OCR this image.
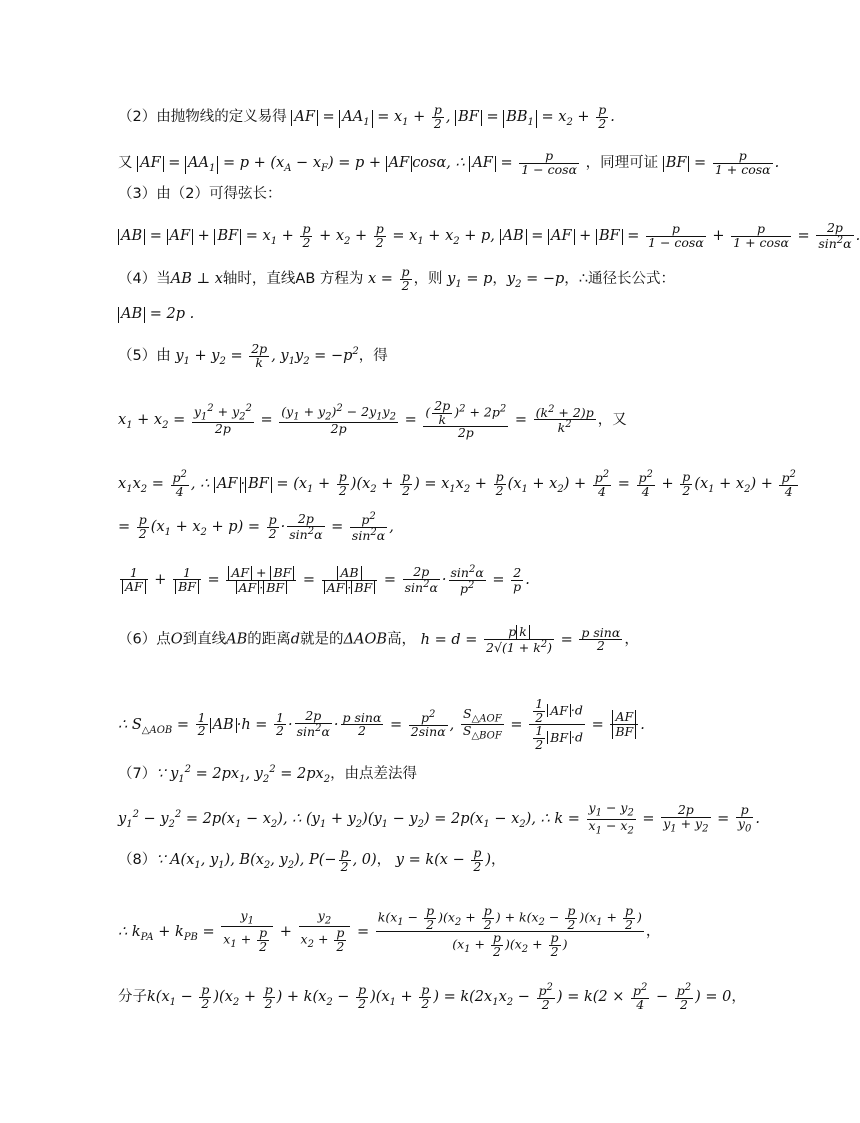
（2）由抛物线的定义易得 AF = $AA_1 = x_1 + \frac{p}{2}$ , BF = $BB_1 = x_2 + \frac{p}{2}$ .
又 AF = $AA_1 = p + (x_A - x_F) = p$ + AF cosα, ∴ AF = $\frac{p}{1 - \cos\alpha}$ ，同理可证 BF = $\frac{p}{1 + \cos\alpha}$ .
（3）由（2）可得弦长：
AB = AF + BF = $x_1 + \frac{p}{2} + x_2 + \frac{p}{2} = x_1 + x_2 + p$, AB = AF + BF = $\frac{p}{1 - \cos\alpha} + \frac{p}{1 + \cos\alpha} = \frac{2p}{\sin^2\alpha}$ .
（4）当AB ⊥ x轴时，直线AB 方程为 $x = \frac{p}{2}$ ，则 $y_1 = p$，$y_2 = -p$，∴通径长公式：
AB = 2p .
（5）由 $y_1 + y_2 = \frac{2p}{k}$ , $y_1y_2 = -p^2$，得
$x_1 + x_2 = \frac{y_1^2 + y_2^2}{2p} = \frac{(y_1 + y_2)^2 - 2y_1y_2}{2p} = \frac{( \frac{2p}{k} )^2 + 2p^2}{2p} = \frac{(k^2 + 2)p}{k^2}$ ，又
$x_1x_2 = \frac{p^2}{4}$ , ∴ AF · BF = $(x_1 + \frac{p}{2} )(x_2 + \frac{p}{2}$ ) = $x_1x_2 + \frac{p}{2} (x_1 + x_2) + \frac{p^2}{4} = \frac{p^2}{4} + \frac{p}{2} (x_1 + x_2) + \frac{p^2}{4}$
= $\frac{p}{2} (x_1 + x_2 + p) = \frac{p}{2} \cdot \frac{2p}{\sin^2\alpha} = \frac{p^2}{\sin^2\alpha}$ ,
$\frac{1}{AF} + \frac{1}{BF} = \frac{AF + BF}{AF \cdot BF} = \frac{AB}{AF \cdot BF} = \frac{2p}{\sin^2\alpha} \cdot \frac{\sin^2\alpha}{p^2} = \frac{2}{p}$ .
（6）点O到直线AB的距离d就是的ΔAOB高， $h = d = \frac{\text{p k}}{2√(1 + k^2)} = \frac{\text{p sinα}}{2}$ ，
∴ $S_{\triangle AOB} = \frac{1}{2}$ AB $\cdot h = \frac{1}{2} \cdot \frac{2p}{\sin^2\alpha} \cdot \frac{\text{p sinα}}{2} = \frac{p^2}{2\sin\alpha}$ , $\frac{S_{\triangle AOF}}{S_{\triangle BOF}} = \frac{\frac{1}{2} AF \cdot d}{\frac{1}{2} BF \cdot d} = \frac{AF}{BF}$ .
（7）∵ $y_1^2 = 2px_1$, $y_2^2 = 2px_2$，由点差法得
$y_1^2 - y_2^2 = 2p(x_1 - x_2)$, ∴ $(y_1 + y_2)(y_1 - y_2) = 2p(x_1 - x_2)$, ∴ $k = \frac{y_1 - y_2}{x_1 - x_2} = \frac{2p}{y_1 + y_2} = \frac{p}{y_0}$ .
（8）∵ $A(x_1$, $y_1$), $B(x_2$, $y_2$), $P(- \frac{p}{2}$ , 0)， $y = k(x - \frac{p}{2}$ )，
∴ $k_{PA} + k_{PB} = \frac{y_1}{x_1 + \frac{p}{2}} + \frac{y_2}{x_2 + \frac{p}{2}} = \frac{k(x_1 - \frac{p}{2} )(x_2 + \frac{p}{2} ) + k(x_2 - \frac{p}{2} )(x_1 + \frac{p}{2} )}{(x_1 + \frac{p}{2} )(x_2 + \frac{p}{2} )}$ ，
分子$k(x_1 - \frac{p}{2} )(x_2 + \frac{p}{2}$ ) + $k(x_2 - \frac{p}{2} )(x_1 + \frac{p}{2}$ ) = $k(2x_1x_2 - \frac{p^2}{2}$ ) = $k(2 \times \frac{p^2}{4} - \frac{p^2}{2}$ ) = 0，
